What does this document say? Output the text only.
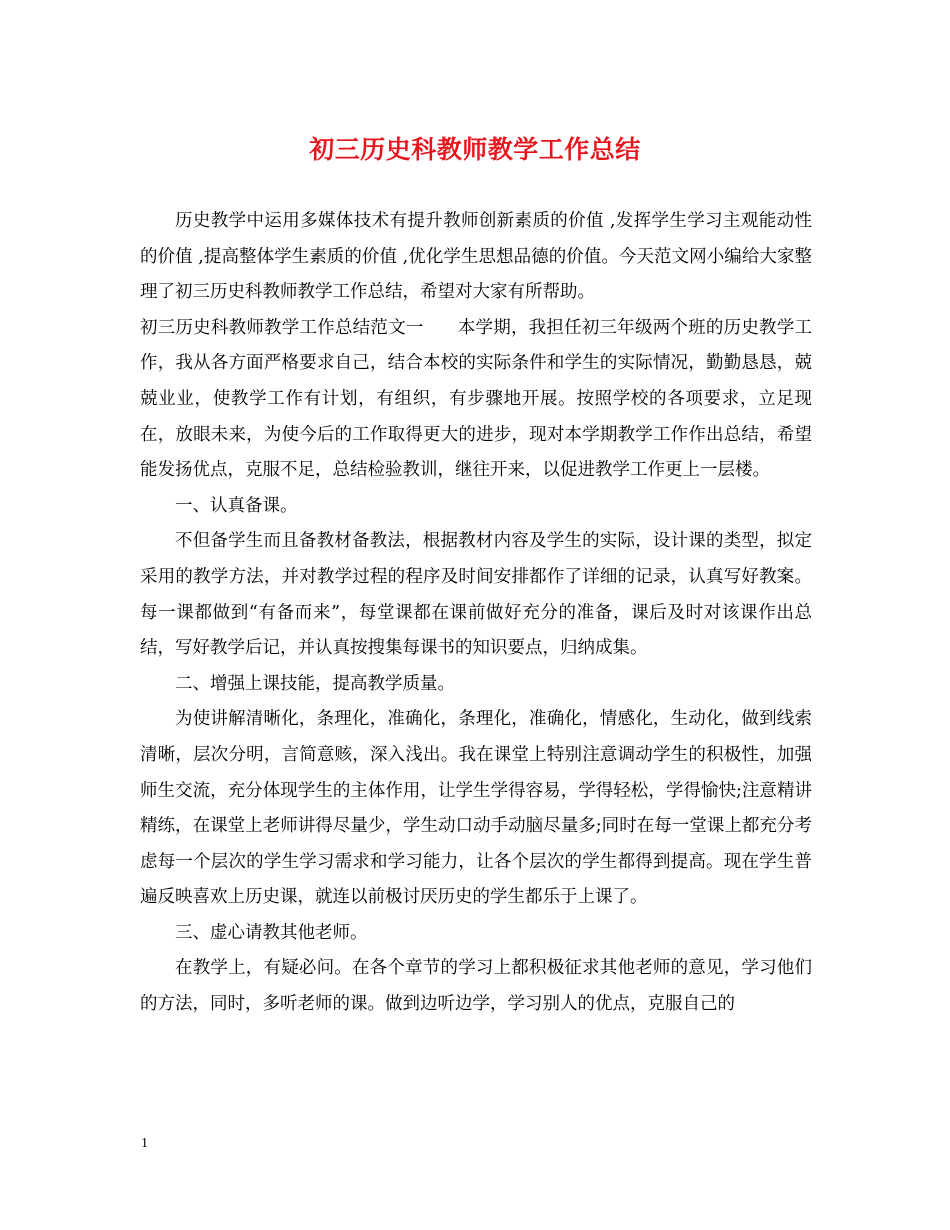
初三历史科教师教学工作总结

历史教学中运用多媒体技术有提升教师创新素质的价值 ,发挥学生学习主观能动性的价值 ,提高整体学生素质的价值 ,优化学生思想品德的价值。今天范文网小编给大家整理了初三历史科教师教学工作总结，希望对大家有所帮助。

初三历史科教师教学工作总结范文一 本学期，我担任初三年级两个班的历史教学工作，我从各方面严格要求自己，结合本校的实际条件和学生的实际情况，勤勤恳恳，兢兢业业，使教学工作有计划，有组织，有步骤地开展。按照学校的各项要求，立足现在，放眼未来，为使今后的工作取得更大的进步，现对本学期教学工作作出总结，希望能发扬优点，克服不足，总结检验教训，继往开来，以促进教学工作更上一层楼。

一、认真备课。

不但备学生而且备教材备教法，根据教材内容及学生的实际，设计课的类型，拟定采用的教学方法，并对教学过程的程序及时间安排都作了详细的记录，认真写好教案。每一课都做到“有备而来”，每堂课都在课前做好充分的准备，课后及时对该课作出总结，写好教学后记，并认真按搜集每课书的知识要点，归纳成集。

二、增强上课技能，提高教学质量。

为使讲解清晰化，条理化，准确化，条理化，准确化，情感化，生动化，做到线索清晰，层次分明，言简意赅，深入浅出。我在课堂上特别注意调动学生的积极性，加强师生交流，充分体现学生的主体作用，让学生学得容易，学得轻松，学得愉快;注意精讲精练，在课堂上老师讲得尽量少，学生动口动手动脑尽量多;同时在每一堂课上都充分考虑每一个层次的学生学习需求和学习能力，让各个层次的学生都得到提高。现在学生普遍反映喜欢上历史课，就连以前极讨厌历史的学生都乐于上课了。

三、虚心请教其他老师。

在教学上，有疑必问。在各个章节的学习上都积极征求其他老师的意见，学习他们的方法，同时，多听老师的课。做到边听边学，学习别人的优点，克服自己的

1
